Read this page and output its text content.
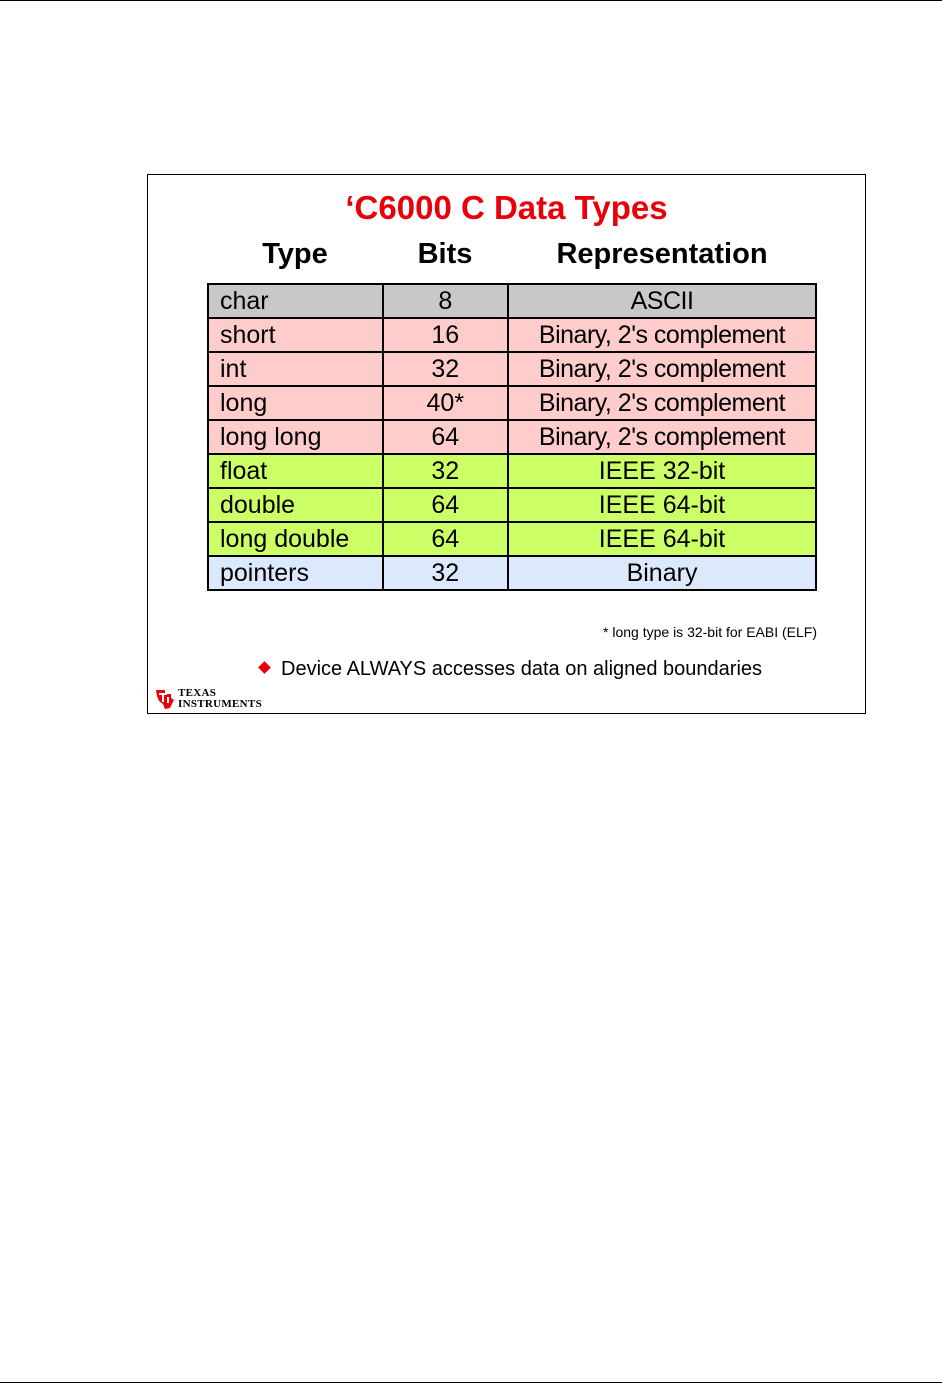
‘C6000 C Data Types
Type	Bits	Representation
char	8	ASCII
short	16	Binary, 2's complement
int	32	Binary, 2's complement
long	40*	Binary, 2's complement
long long	64	Binary, 2's complement
float	32	IEEE 32-bit
double	64	IEEE 64-bit
long double	64	IEEE 64-bit
pointers	32	Binary
* long type is 32-bit for EABI (ELF)
Device ALWAYS accesses data on aligned boundaries
TEXAS
INSTRUMENTS
